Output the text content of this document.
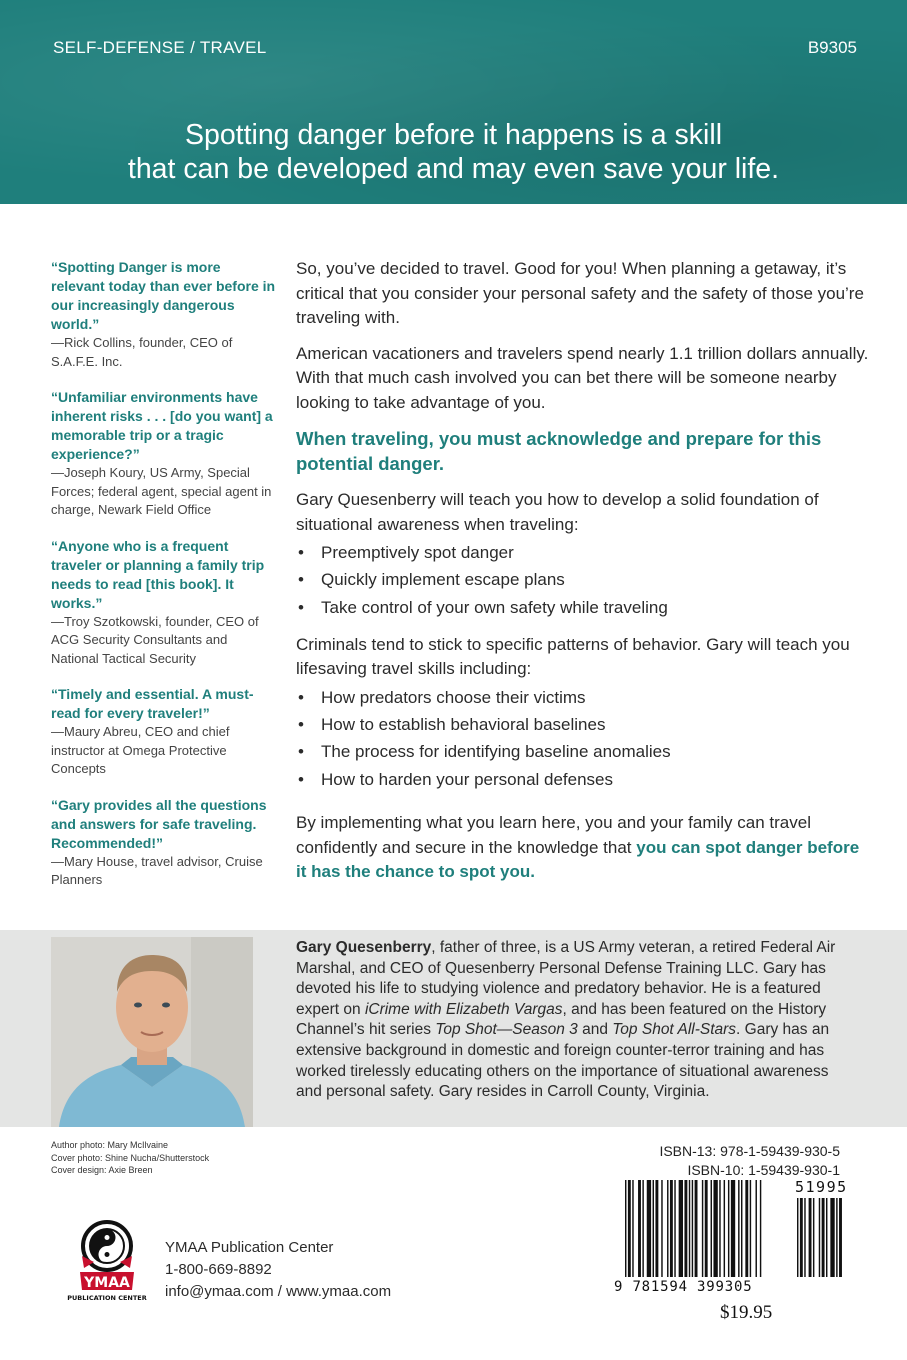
SELF-DEFENSE / TRAVEL	B9305
Spotting danger before it happens is a skill
that can be developed and may even save your life.
“Spotting Danger is more relevant today than ever before in our increasingly dangerous world.”
—Rick Collins, founder, CEO of S.A.F.E. Inc.
“Unfamiliar environments have inherent risks . . . [do you want] a memorable trip or a tragic experience?”
—Joseph Koury, US Army, Special Forces; federal agent, special agent in charge, Newark Field Office
“Anyone who is a frequent traveler or planning a family trip needs to read [this book]. It works.”
—Troy Szotkowski, founder, CEO of ACG Security Consultants and National Tactical Security
“Timely and essential. A must-read for every traveler!”
—Maury Abreu, CEO and chief instructor at Omega Protective Concepts
“Gary provides all the questions and answers for safe traveling. Recommended!”
—Mary House, travel advisor, Cruise Planners

So, you’ve decided to travel. Good for you! When planning a getaway, it’s critical that you consider your personal safety and the safety of those you’re traveling with.

American vacationers and travelers spend nearly 1.1 trillion dollars annually. With that much cash involved you can bet there will be someone nearby looking to take advantage of you.

When traveling, you must acknowledge and prepare for this potential danger.

Gary Quesenberry will teach you how to develop a solid foundation of situational awareness when traveling:

• Preemptively spot danger
• Quickly implement escape plans
• Take control of your own safety while traveling

Criminals tend to stick to specific patterns of behavior. Gary will teach you lifesaving travel skills including:

• How predators choose their victims
• How to establish behavioral baselines
• The process for identifying baseline anomalies
• How to harden your personal defenses

By implementing what you learn here, you and your family can travel confidently and secure in the knowledge that you can spot danger before it has the chance to spot you.

Gary Quesenberry, father of three, is a US Army veteran, a retired Federal Air Marshal, and CEO of Quesenberry Personal Defense Training LLC. Gary has devoted his life to studying violence and predatory behavior. He is a featured expert on iCrime with Elizabeth Vargas, and has been featured on the History Channel’s hit series Top Shot—Season 3 and Top Shot All-Stars. Gary has an extensive background in domestic and foreign counter-terror training and has worked tirelessly educating others on the importance of situational awareness and personal safety. Gary resides in Carroll County, Virginia.
Author photo: Mary McIlvaine
Cover photo: Shine Nucha/Shutterstock
Cover design: Axie Breen
YMAA
PUBLICATION CENTER
YMAA Publication Center
1-800-669-8892
info@ymaa.com / www.ymaa.com
ISBN-13: 978-1-59439-930-5
ISBN-10: 1-59439-930-1
51995
9 781594 399305
$19.95
